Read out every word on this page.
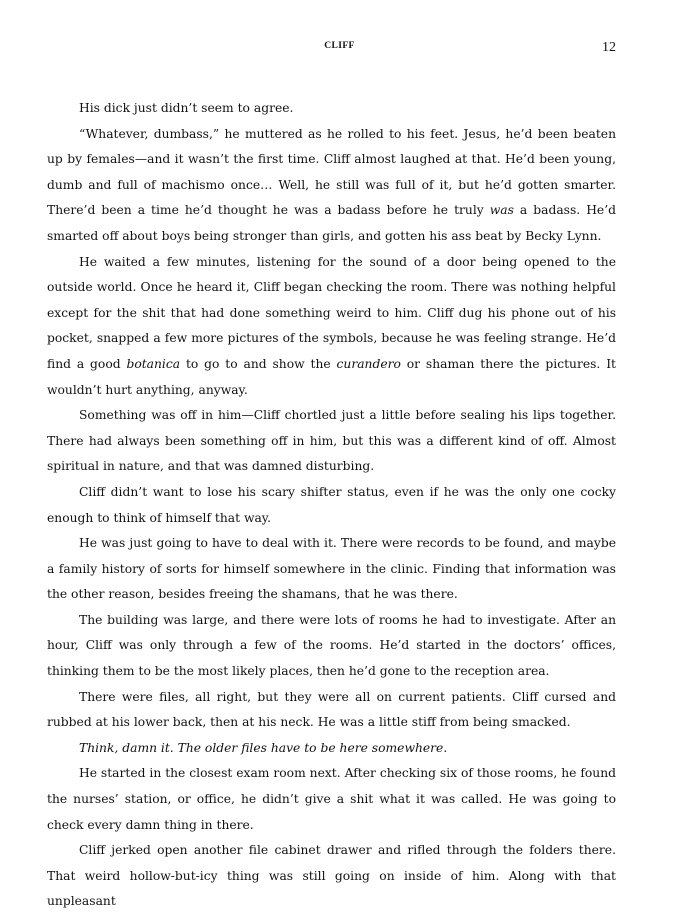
CLIFF	12

His dick just didn’t seem to agree.

“Whatever, dumbass,” he muttered as he rolled to his feet. Jesus, he’d been beaten up by females—and it wasn’t the first time. Cliff almost laughed at that. He’d been young, dumb and full of machismo once… Well, he still was full of it, but he’d gotten smarter. There’d been a time he’d thought he was a badass before he truly was a badass. He’d smarted off about boys being stronger than girls, and gotten his ass beat by Becky Lynn.

He waited a few minutes, listening for the sound of a door being opened to the outside world. Once he heard it, Cliff began checking the room. There was nothing helpful except for the shit that had done something weird to him. Cliff dug his phone out of his pocket, snapped a few more pictures of the symbols, because he was feeling strange. He’d find a good botanica to go to and show the curandero or shaman there the pictures. It wouldn’t hurt anything, anyway.

Something was off in him—Cliff chortled just a little before sealing his lips together. There had always been something off in him, but this was a different kind of off. Almost spiritual in nature, and that was damned disturbing.

Cliff didn’t want to lose his scary shifter status, even if he was the only one cocky enough to think of himself that way.

He was just going to have to deal with it. There were records to be found, and maybe a family history of sorts for himself somewhere in the clinic. Finding that information was the other reason, besides freeing the shamans, that he was there.

The building was large, and there were lots of rooms he had to investigate. After an hour, Cliff was only through a few of the rooms. He’d started in the doctors’ offices, thinking them to be the most likely places, then he’d gone to the reception area.

There were files, all right, but they were all on current patients. Cliff cursed and rubbed at his lower back, then at his neck. He was a little stiff from being smacked.

Think, damn it. The older files have to be here somewhere.

He started in the closest exam room next. After checking six of those rooms, he found the nurses’ station, or office, he didn’t give a shit what it was called. He was going to check every damn thing in there.

Cliff jerked open another file cabinet drawer and rifled through the folders there. That weird hollow-but-icy thing was still going on inside of him. Along with that unpleasant
